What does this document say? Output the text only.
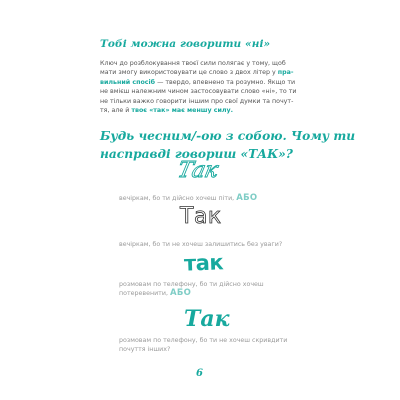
Тобі можна говорити «ні»
Ключ до розблокування твоєї сили полягає у тому, щоб
мати змогу використовувати це слово з двох літер у пра-
вильний спосіб — твердо, впевнено та розумно. Якщо ти
не вмієш належним чином застосовувати слово «ні», то ти
не тільки важко говорити іншим про свої думки та почут-
тя, але й твоє «так» має меншу силу.
Будь чесним/-ою з собою. Чому ти
насправді говориш «ТАК»?
Так
вечіркам, бо ти дійсно хочеш піти, АБО
Так
вечіркам, бо ти не хочеш залишитись без уваги?
так
розмовам по телефону, бо ти дійсно хочеш
потеревенити, АБО
Так
розмовам по телефону, бо ти не хочеш скривдити
почуття інших?
6
